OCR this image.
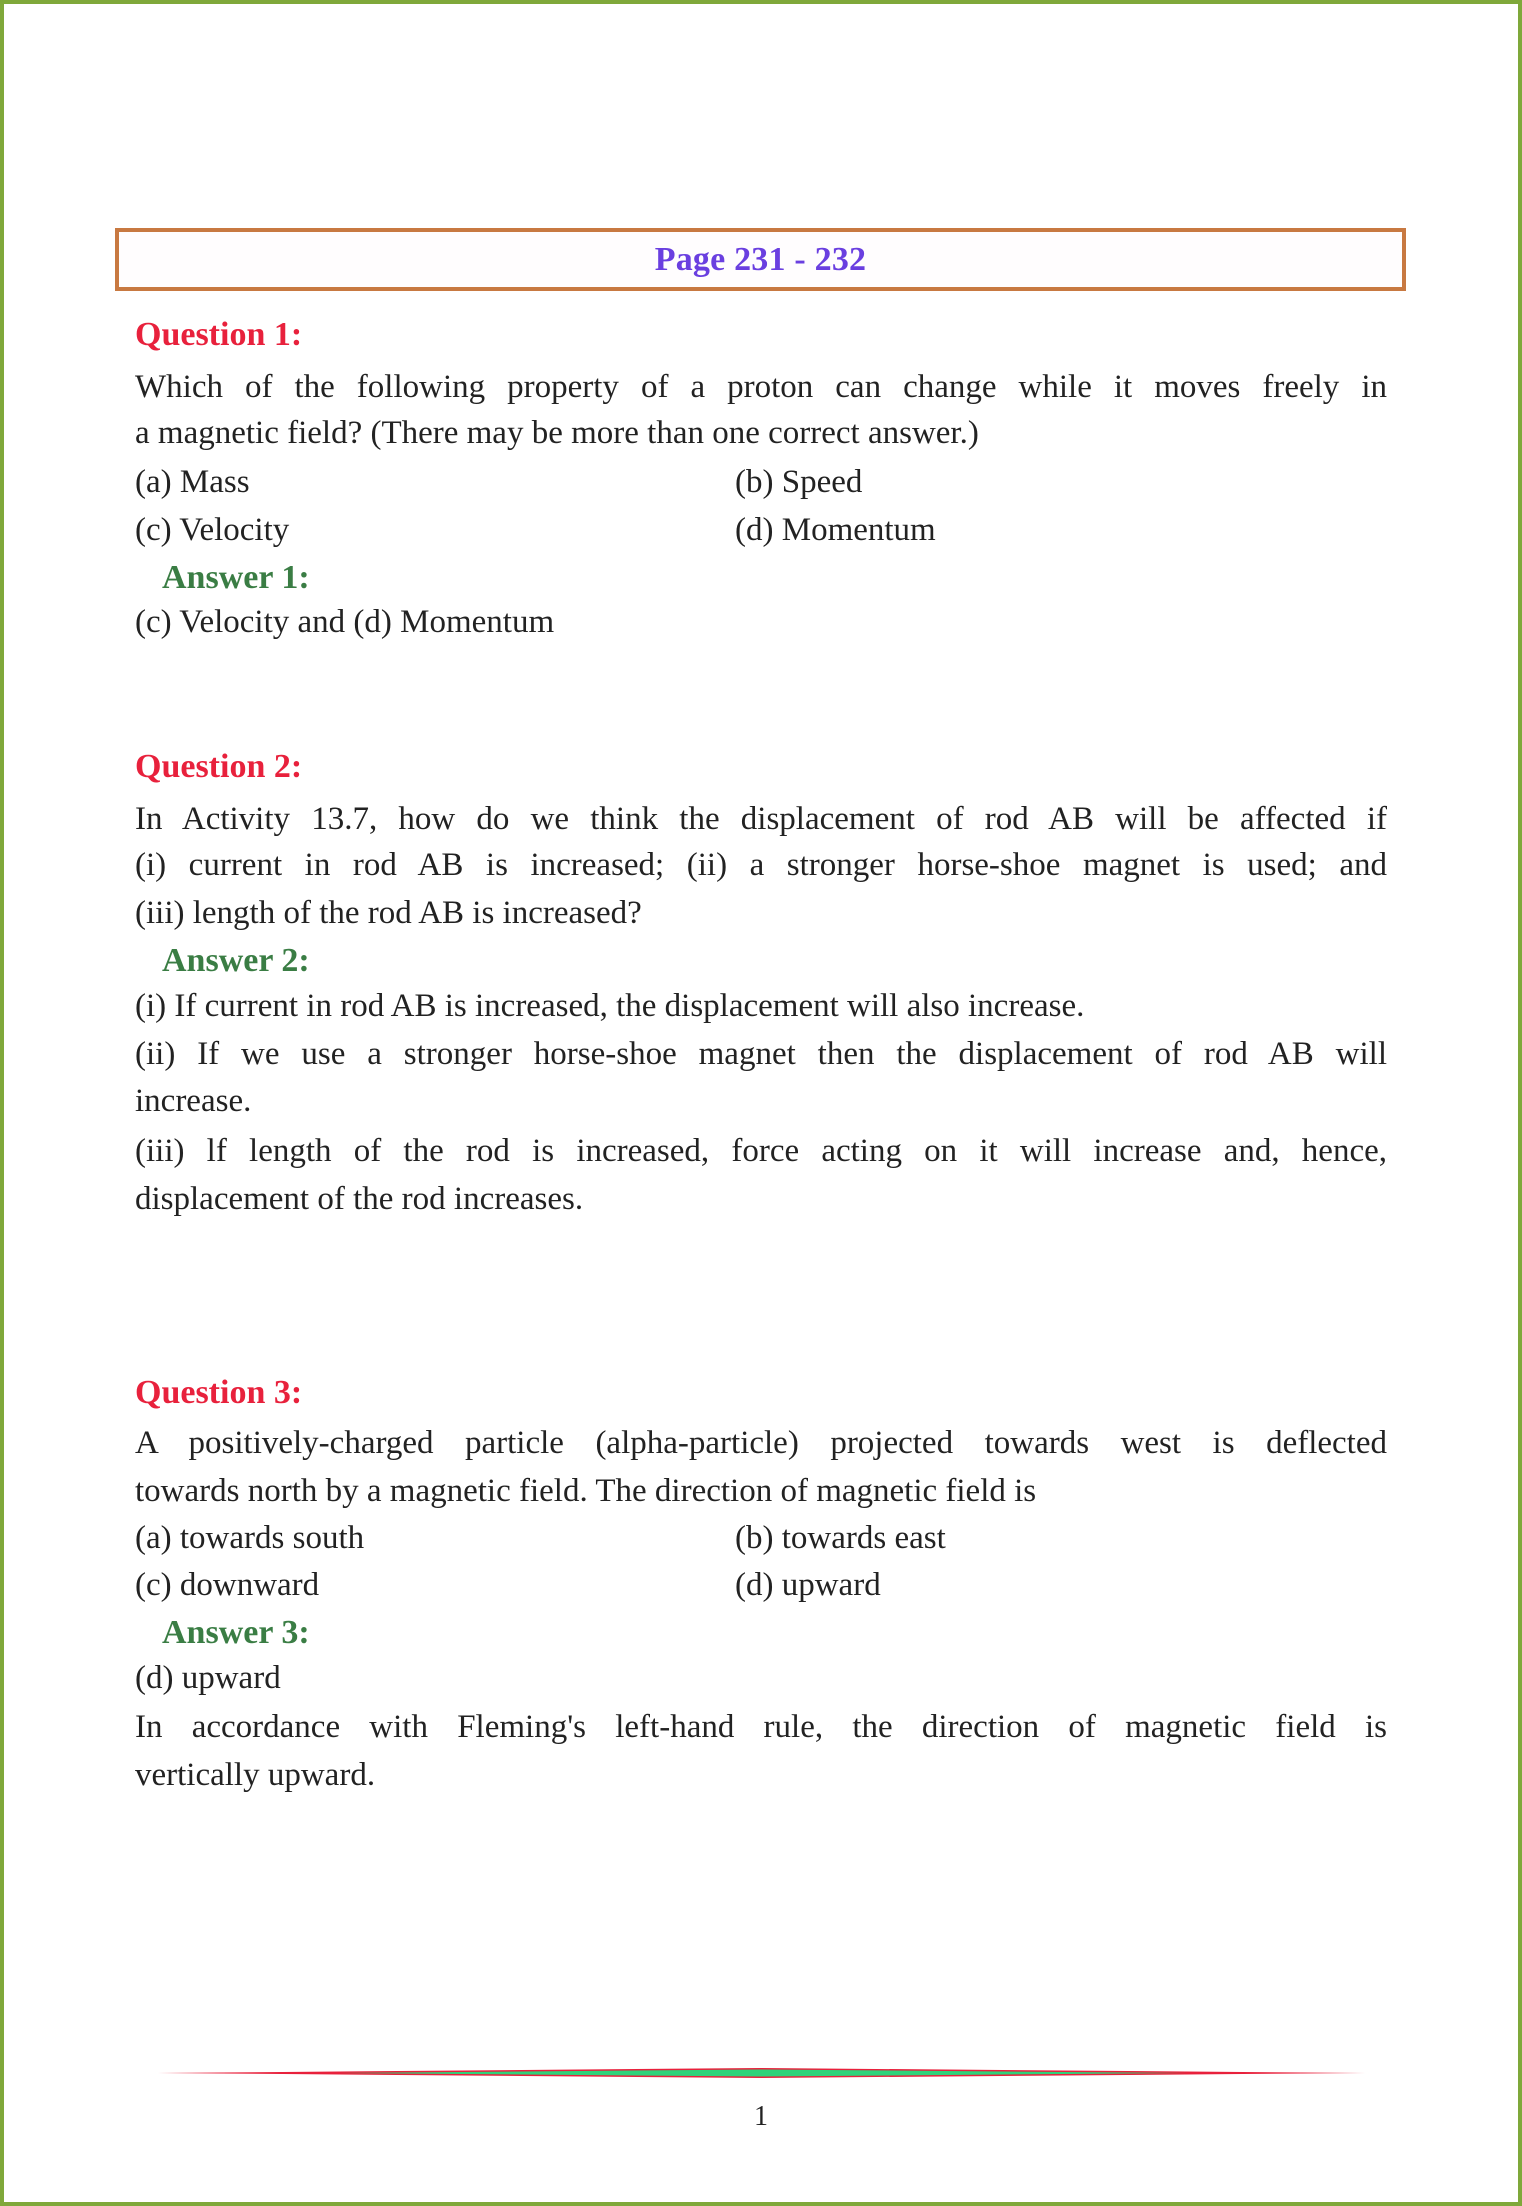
Page 231 - 232
Question 1:
Which of the following property of a proton can change while it moves freely in
a magnetic field? (There may be more than one correct answer.)
(a) Mass	(b) Speed
(c) Velocity	(d) Momentum
Answer 1:
(c) Velocity and (d) Momentum
Question 2:
In Activity 13.7, how do we think the displacement of rod AB will be affected if
(i) current in rod AB is increased; (ii) a stronger horse-shoe magnet is used; and
(iii) length of the rod AB is increased?
Answer 2:
(i) If current in rod AB is increased, the displacement will also increase.
(ii) If we use a stronger horse-shoe magnet then the displacement of rod AB will
increase.
(iii) lf length of the rod is increased, force acting on it will increase and, hence,
displacement of the rod increases.
Question 3:
A positively-charged particle (alpha-particle) projected towards west is deflected
towards north by a magnetic field. The direction of magnetic field is
(a) towards south	(b) towards east
(c) downward	(d) upward
Answer 3:
(d) upward
In accordance with Fleming's left-hand rule, the direction of magnetic field is
vertically upward.
1
